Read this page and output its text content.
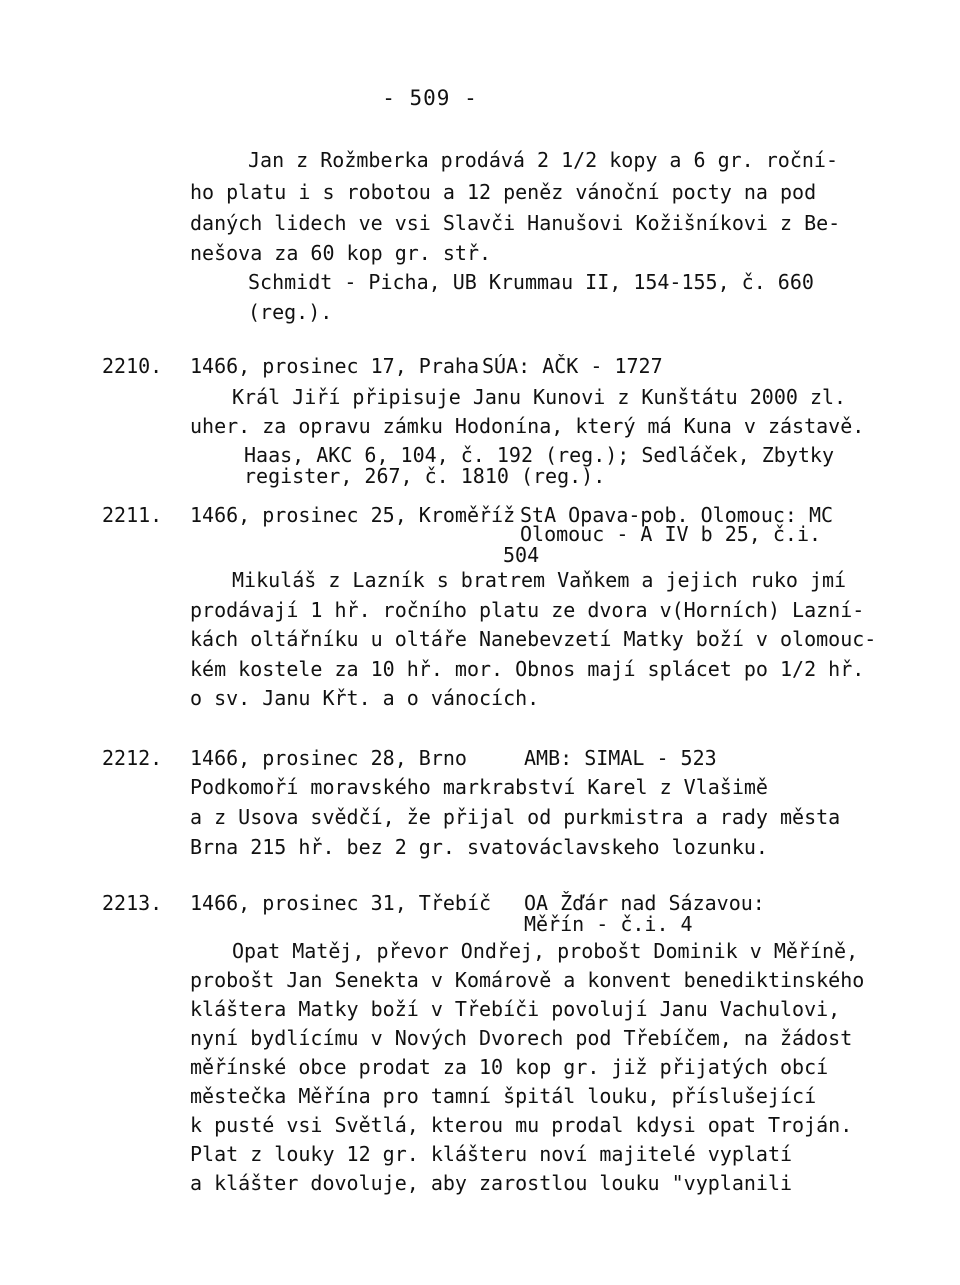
- 509 -
Jan z Rožmberka prodává 2 1/2 kopy a 6 gr. roční-
ho platu i s robotou a 12 peněz vánoční pocty na pod
daných lidech ve vsi Slavči Hanušovi Kožišníkovi z Be-
nešova za 60 kop gr. stř.
Schmidt - Picha, UB Krummau II, 154-155, č. 660
(reg.).
2210. 1466, prosinec 17, Praha SÚA: AČK - 1727
Král Jiří připisuje Janu Kunovi z Kunštátu 2000 zl.
uher. za opravu zámku Hodonína, který má Kuna v zástavě.
Haas, AKC 6, 104, č. 192 (reg.); Sedláček, Zbytky
register, 267, č. 1810 (reg.).
2211. 1466, prosinec 25, Kroměříž StA Opava-pob. Olomouc: MC
Olomouc - A IV b 25, č.i.
504
Mikuláš z Lazník s bratrem Vaňkem a jejich ruko jmí
prodávají 1 hř. ročního platu ze dvora v(Horních) Lazní-
kách oltářníku u oltáře Nanebevzetí Matky boží v olomouc-
kém kostele za 10 hř. mor. Obnos mají splácet po 1/2 hř.
o sv. Janu Křt. a o vánocích.
2212. 1466, prosinec 28, Brno	AMB: SIMAL - 523
Podkomoří moravského markrabství Karel z Vlašimě
a z Usova svědčí, že přijal od purkmistra a rady města
Brna 215 hř. bez 2 gr. svatováclavskeho lozunku.
2213. 1466, prosinec 31, Třebíč OA Žďár nad Sázavou:
Měřín - č.i. 4
Opat Matěj, převor Ondřej, probošt Dominik v Měříně,
probošt Jan Senekta v Komárově a konvent benediktinského
kláštera Matky boží v Třebíči povolují Janu Vachulovi,
nyní bydlícímu v Nových Dvorech pod Třebíčem, na žádost
měřínské obce prodat za 10 kop gr. již přijatých obcí
městečka Měřína pro tamní špitál louku, příslušející
k pusté vsi Světlá, kterou mu prodal kdysi opat Troján.
Plat z louky 12 gr. klášteru noví majitelé vyplatí
a klášter dovoluje, aby zarostlou louku "vyplanili
